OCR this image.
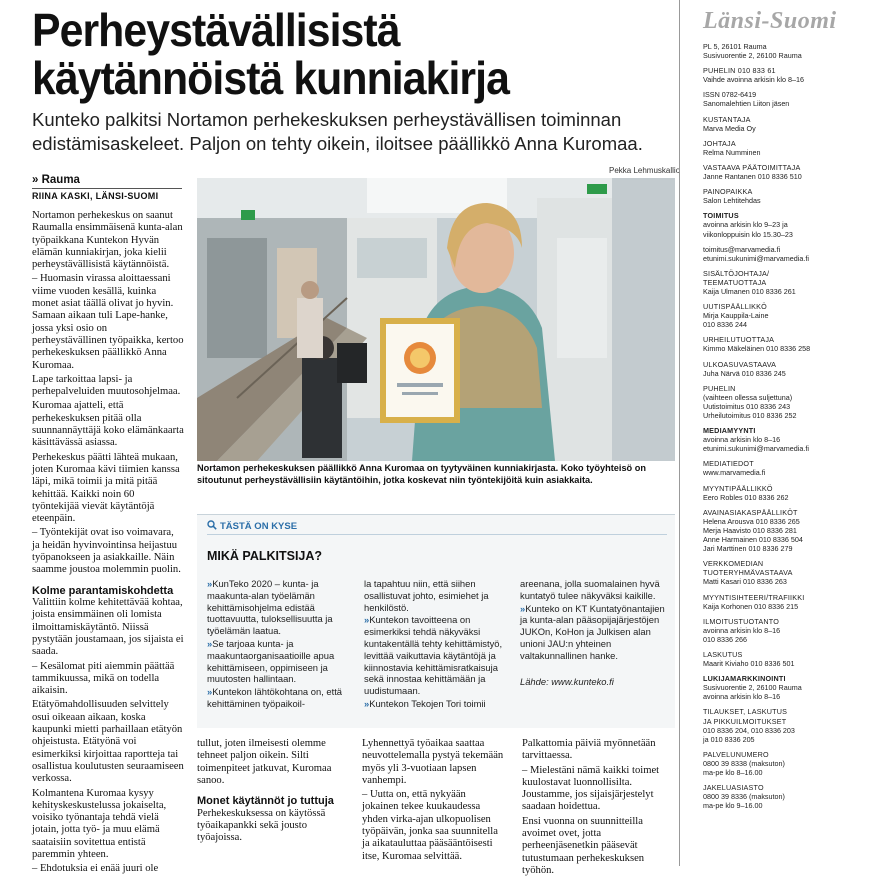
Perheystävällisistä
käytännöistä kunniakirja
Kunteko palkitsi Nortamon perhekeskuksen perheystävällisen toiminnan edistämisaskeleet. Paljon on tehty oikein, iloitsee päällikkö Anna Kuromaa.
» Rauma
RIINA KASKI, LÄNSI-SUOMI

Nortamon perhekeskus on saanut Raumalla ensimmäisenä kunta-alan työpaikkana Kuntekon Hyvän elämän kunniakirjan, joka kielii perheystävällisistä käytännöistä.

– Huomasin virassa aloittaessani viime vuoden kesällä, kuinka monet asiat täällä olivat jo hyvin. Samaan aikaan tuli Lape-hanke, jossa yksi osio on perheystävällinen työpaikka, kertoo perhekeskuksen päällikkö Anna Kuromaa.

Lape tarkoittaa lapsi- ja perhepalveluiden muutosohjelmaa.

Kuromaa ajatteli, että perhekeskuksen pitää olla suunnannäyttäjä koko elämänkaarta käsittävässä asiassa.

Perhekeskus päätti lähteä mukaan, joten Kuromaa kävi tiimien kanssa läpi, mikä toimii ja mitä pitää kehittää. Kaikki noin 60 työntekijää vievät käytäntöjä eteenpäin.

– Työntekijät ovat iso voimavara, ja heidän hyvinvointinsa heijastuu työpanokseen ja asiakkaille. Näin saamme joustoa molemmin puolin.

Kolme parantamiskohdetta

Valittiin kolme kehitettävää kohtaa, joista ensimmäinen oli lomista ilmoittamiskäytäntö. Niissä pystytään joustamaan, jos sijaista ei saada.

– Kesälomat piti aiemmin päättää tammikuussa, mikä on todella aikaisin.

Etätyömahdollisuuden selvittely osui oikeaan aikaan, koska kaupunki mietti parhaillaan etätyön ohjeistusta. Etätyönä voi esimerkiksi kirjoittaa raportteja tai osallistua koulutusten seuraamiseen verkossa.

Kolmantena Kuromaa kysyy kehityskeskustelussa jokaiselta, voisiko työnantaja tehdä vielä jotain, jotta työ- ja muu elämä saataisiin sovitettua entistä paremmin yhteen.

– Ehdotuksia ei enää juuri ole

Pekka Lehmuskallio
Nortamon perhekeskuksen päällikkö Anna Kuromaa on tyytyväinen kunniakirjasta. Koko työyhteisö on sitoutunut perheystävällisiin käytäntöihin, jotka koskevat niin työntekijöitä kuin asiakkaita.
TÄSTÄ ON KYSE
MIKÄ PALKITSIJA?

»KunTeko 2020 – kunta- ja maakunta-alan työelämän kehittämisohjelma edistää tuottavuutta, tuloksellisuutta ja työelämän laatua.

»Se tarjoaa kunta- ja maakuntaorganisaatioille apua kehittämiseen, oppimiseen ja muutosten hallintaan.

»Kuntekon lähtökohtana on, että kehittäminen työpaikoil-

la tapahtuu niin, että siihen osallistuvat johto, esimiehet ja henkilöstö.

»Kuntekon tavoitteena on esimerkiksi tehdä näkyväksi kuntakentällä tehty kehittämistyö, levittää vaikuttavia käytäntöjä ja kiinnostavia kehittämisratkaisuja sekä innostaa kehittämään ja uudistumaan.

»Kuntekon Tekojen Tori toimii

areenana, jolla suomalainen hyvä kuntatyö tulee näkyväksi kaikille.

»Kunteko on KT Kuntatyönantajien ja kunta-alan pääsopijajärjestöjen JUKOn, KoHon ja Julkisen alan unioni JAU:n yhteinen valtakunnallinen hanke.

Lähde: www.kunteko.fi

tullut, joten ilmeisesti olemme tehneet paljon oikein. Silti toimenpiteet jatkuvat, Kuromaa sanoo.

Monet käytännöt jo tuttuja

Perhekeskuksessa on käytössä työaikapankki sekä jousto työajoissa.

Lyhennettyä työaikaa saattaa neuvottelemalla pystyä tekemään myös yli 3-vuotiaan lapsen vanhempi.

– Uutta on, että nykyään jokainen tekee kuukaudessa yhden virka-ajan ulkopuolisen työpäivän, jonka saa suunnitella ja aikatauluttaa pääsääntöisesti itse, Kuromaa selvittää.

Palkattomia päiviä myönnetään tarvittaessa.

– Mielestäni nämä kaikki toimet kuulostavat luonnollisilta. Joustamme, jos sijaisjärjestelyt saadaan hoidettua.

Ensi vuonna on suunnitteilla avoimet ovet, jotta perheenjäsenetkin pääsevät tutustumaan perhekeskuksen työhön.

Länsi-Suomi
PL 5, 26101 Rauma
Susivuorentie 2, 26100 Rauma
PUHELIN 010 833 61
Vaihde avoinna arkisin klo 8–16
ISSN 0782-6419
Sanomalehtien Liiton jäsen
KUSTANTAJA
Marva Media Oy
JOHTAJA
Relma Numminen
VASTAAVA PÄÄTOIMITTAJA
Janne Rantanen 010 8336 510
PAINOPAIKKA
Salon Lehtitehdas
TOIMITUS
avoinna arkisin klo 9–23 ja
viikonloppuisin klo 15.30–23
toimitus@marvamedia.fi
etunimi.sukunimi@marvamedia.fi
SISÄLTÖJOHTAJA/
TEEMATUOTTAJA
Kaija Ulmanen 010 8336 261
UUTISPÄÄLLIKKÖ
Mirja Kauppila-Laine
010 8336 244
URHEILUTUOTTAJA
Kimmo Mäkeläinen 010 8336 258
ULKOASUVASTAAVA
Juha Närvä 010 8336 245
PUHELIN
(vaihteen ollessa suljettuna)
Uutistoimitus 010 8336 243
Urheilutoimitus 010 8336 252
MEDIAMYYNTI
avoinna arkisin klo 8–16
etunimi.sukunimi@marvamedia.fi
MEDIATIEDOT
www.marvamedia.fi
MYYNTIPÄÄLLIKKÖ
Eero Robles 010 8336 262
AVAINASIAKASPÄÄLLIKÖT
Helena Arousva 010 8336 265
Merja Haavisto 010 8336 281
Anne Harmainen 010 8336 504
Jari Marttinen 010 8336 279
VERKKOMEDIAN
TUOTERYHMÄVASTAAVA
Matti Kasari 010 8336 263
MYYNTISIHTEERI/TRAFIIKKI
Kaija Korhonen 010 8336 215
ILMOITUSTUOTANTO
avoinna arkisin klo 8–16
010 8336 266
LASKUTUS
Maarit Kiviaho 010 8336 501
LUKIJAMARKKINOINTI
Susivuorentie 2, 26100 Rauma
avoinna arkisin klo 8–16
TILAUKSET, LASKUTUS
JA PIKKUILMOITUKSET
010 8336 204, 010 8336 203
ja 010 8336 205
PALVELUNUMERO
0800 39 8338 (maksuton)
ma-pe klo 8–16.00
JAKELUASIASTO
0800 39 8336 (maksuton)
ma-pe klo 9–16.00
